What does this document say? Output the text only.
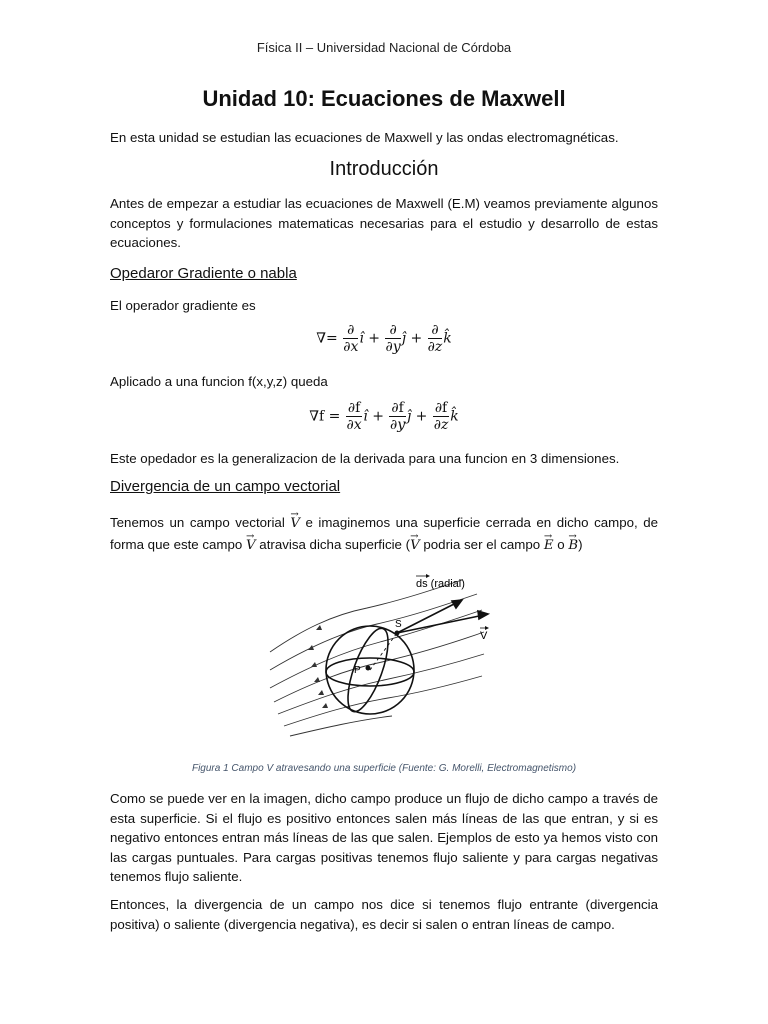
Física II – Universidad Nacional de Córdoba
Unidad 10: Ecuaciones de Maxwell
En esta unidad se estudian las ecuaciones de Maxwell y las ondas electromagnéticas.
Introducción
Antes de empezar a estudiar las ecuaciones de Maxwell (E.M) veamos previamente algunos conceptos y formulaciones matematicas necesarias para el estudio y desarrollo de estas ecuaciones.
Opedaror Gradiente o nabla
El operador gradiente es
∇= $\frac{\partial}{\partial x}$ î + $\frac{\partial}{\partial y}$ ĵ + $\frac{\partial}{\partial z}$ k̂
Aplicado a una funcion f(x,y,z) queda
$\nabla f = \frac{\partial f}{\partial x}$ î + $\frac{\partial f}{\partial y}$ ĵ + $\frac{\partial f}{\partial z}$ k̂
Este opedador es la generalizacion de la derivada para una funcion en 3 dimensiones.
Divergencia de un campo vectorial
Tenemos un campo vectorial → V e imaginemos una superficie cerrada en dicho campo, de forma que este campo → V atravisa dicha superficie (→ V podria ser el campo → E o → B)
P
S
ds (radial)
V
Figura 1 Campo V atravesando una superficie (Fuente: G. Morelli, Electromagnetismo)
Como se puede ver en la imagen, dicho campo produce un flujo de dicho campo a través de esta superficie. Si el flujo es positivo entonces salen más líneas de las que entran, y si es negativo entonces entran más líneas de las que salen. Ejemplos de esto ya hemos visto con las cargas puntuales. Para cargas positivas tenemos flujo saliente y para cargas negativas tenemos flujo saliente.
Entonces, la divergencia de un campo nos dice si tenemos flujo entrante (divergencia positiva) o saliente (divergencia negativa), es decir si salen o entran líneas de campo.
